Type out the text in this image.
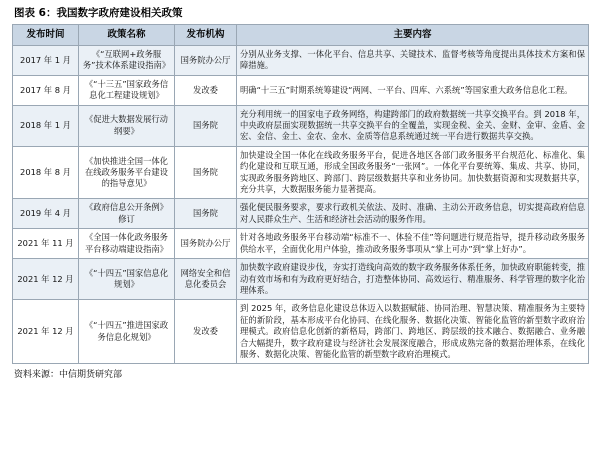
图表 6：我国数字政府建设相关政策
发布时间	政策名称	发布机构	主要内容
2017 年 1 月	《“互联网+政务服务”技术体系建设指南》	国务院办公厅	分别从业务支撑、一体化平台、信息共享、关键技术、监督考核等角度提出具体技术方案和保障措施。
2017 年 8 月	《“十三五”国家政务信息化工程建设规划》	发改委	明确“十三五”时期系统筹建设“两网、一平台、四库、六系统”等国家重大政务信息化工程。
2018 年 1 月	《促进大数据发展行动纲要》	国务院	充分利用统一的国家电子政务网络，构建跨部门的政府数据统一共享交换平台。到 2018 年，中央政府层面实现数据统一共享交换平台的全覆盖，实现金税、金关、金财、金审、金盾、金宏、金信、金土、金农、金水、金质等信息系统通过统一平台进行数据共享交换。
2018 年 8 月	《加快推进全国一体化在线政务服务平台建设的指导意见》	国务院	加快建设全国一体化在线政务服务平台，促进各地区各部门政务服务平台规范化、标准化、集约化建设和互联互通，形成全国政务服务“一张网”。一体化平台要统筹、集成、共享、协同，实现政务服务跨地区、跨部门、跨层级数据共享和业务协同。加快数据资源和实现数据共享，充分共享，大数据服务能力显著提高。
2019 年 4 月	《政府信息公开条例》修订	国务院	强化便民服务要求，要求行政机关依法、及时、准确、主动公开政务信息，切实提高政府信息对人民群众生产、生活和经济社会活动的服务作用。
2021 年 11 月	《全国一体化政务服务平台移动端建设指南》	国务院办公厅	针对各地政务服务平台移动端“标准不一、体验不佳”等问题进行规范指导，提升移动政务服务供给水平，全面优化用户体验，推动政务服务事项从“掌上可办”到“掌上好办”。
2021 年 12 月	《“十四五”国家信息化规划》	网络安全和信息化委员会	加快数字政府建设步伐，夯实打造线向高效的数字政务服务体系任务，加快政府职能转变，推动有效市场和有为政府更好结合，打造整体协同、高效运行、精准服务、科学管理的数字化治理体系。
2021 年 12 月	《“十四五”推进国家政务信息化规划》	发改委	到 2025 年，政务信息化建设总体迈入以数据赋能、协同治理、智慧决策、精准服务为主要特征的新阶段，基本形成平台化协同、在线化服务、数据化决策、智能化监管的新型数字政府治理模式。政府信息化创新的新格局，跨部门、跨地区、跨层级的技术融合、数据融合、业务融合大幅提升，数字政府建设与经济社会发展深度融合，形成成熟完备的数据治理体系，在线化服务、数据化决策、智能化监管的新型数字政府治理模式。
资料来源：中信期货研究部
